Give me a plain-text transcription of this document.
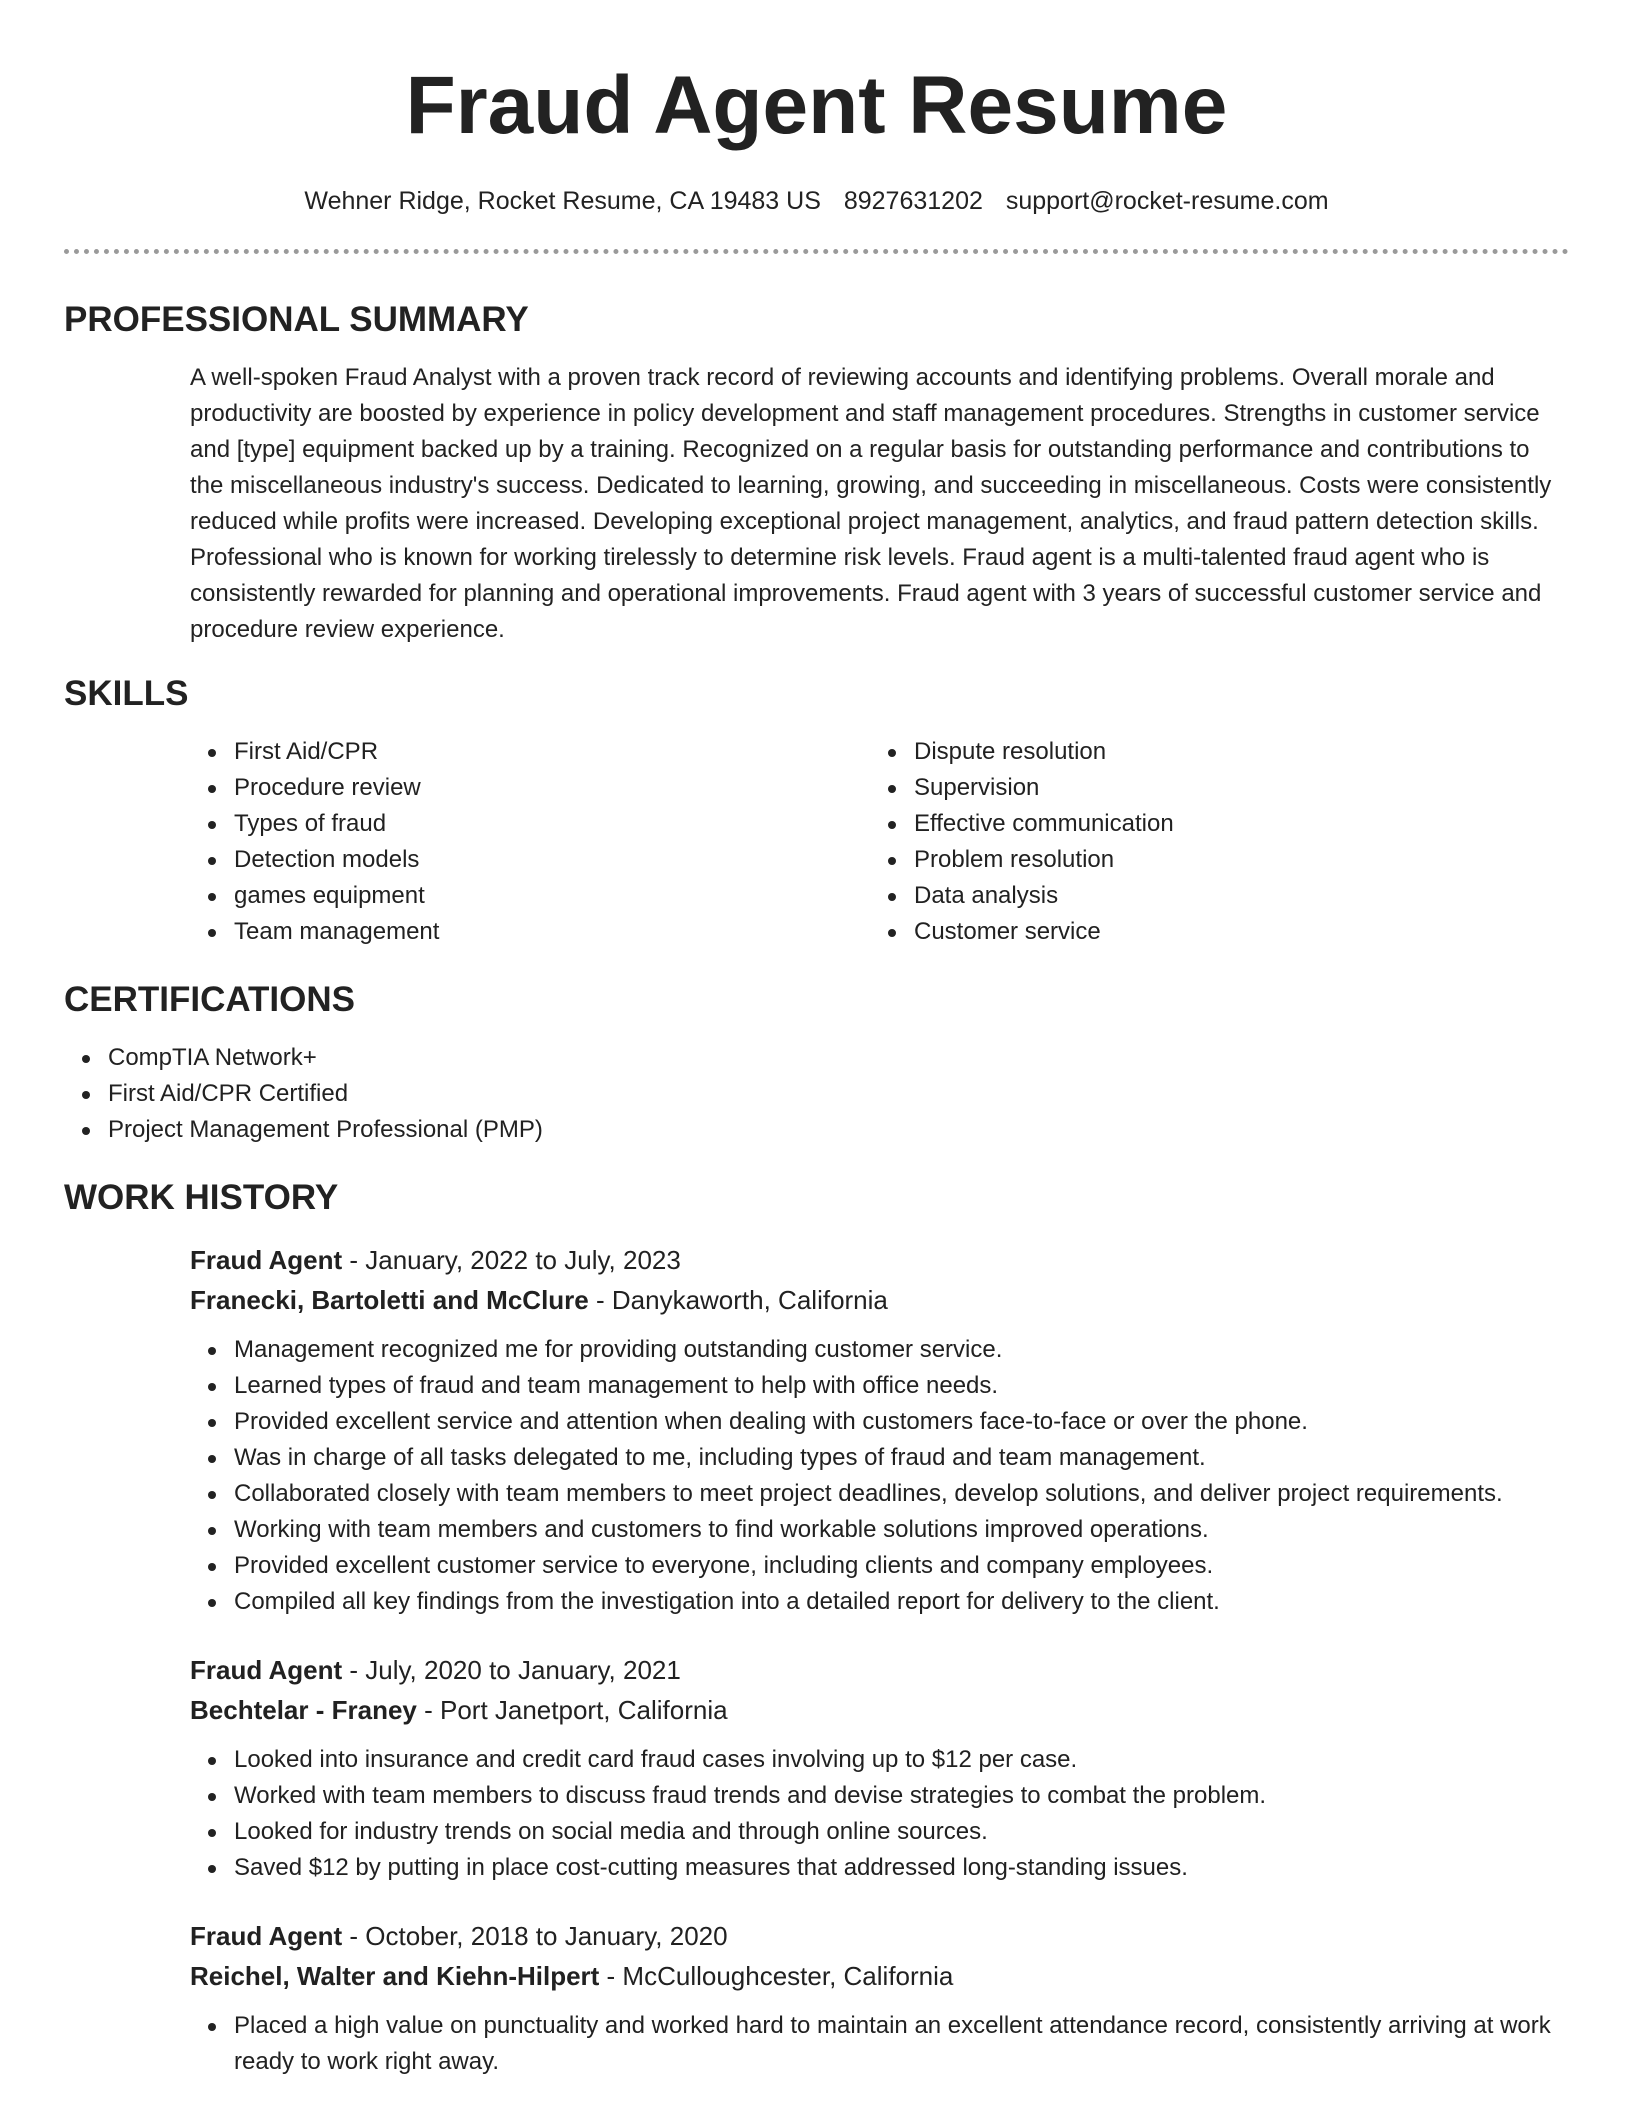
Fraud Agent Resume
Wehner Ridge, Rocket Resume, CA 19483 US 8927631202 support@rocket-resume.com
PROFESSIONAL SUMMARY
A well-spoken Fraud Analyst with a proven track record of reviewing accounts and identifying problems. Overall morale and productivity are boosted by experience in policy development and staff management procedures. Strengths in customer service and [type] equipment backed up by a training. Recognized on a regular basis for outstanding performance and contributions to the miscellaneous industry's success. Dedicated to learning, growing, and succeeding in miscellaneous. Costs were consistently reduced while profits were increased. Developing exceptional project management, analytics, and fraud pattern detection skills. Professional who is known for working tirelessly to determine risk levels. Fraud agent is a multi-talented fraud agent who is consistently rewarded for planning and operational improvements. Fraud agent with 3 years of successful customer service and procedure review experience.
SKILLS
First Aid/CPR
Procedure review
Types of fraud
Detection models
games equipment
Team management
Dispute resolution
Supervision
Effective communication
Problem resolution
Data analysis
Customer service
CERTIFICATIONS
CompTIA Network+
First Aid/CPR Certified
Project Management Professional (PMP)
WORK HISTORY
Fraud Agent - January, 2022 to July, 2023
Franecki, Bartoletti and McClure - Danykaworth, California
Management recognized me for providing outstanding customer service.
Learned types of fraud and team management to help with office needs.
Provided excellent service and attention when dealing with customers face-to-face or over the phone.
Was in charge of all tasks delegated to me, including types of fraud and team management.
Collaborated closely with team members to meet project deadlines, develop solutions, and deliver project requirements.
Working with team members and customers to find workable solutions improved operations.
Provided excellent customer service to everyone, including clients and company employees.
Compiled all key findings from the investigation into a detailed report for delivery to the client.
Fraud Agent - July, 2020 to January, 2021
Bechtelar - Franey - Port Janetport, California
Looked into insurance and credit card fraud cases involving up to $12 per case.
Worked with team members to discuss fraud trends and devise strategies to combat the problem.
Looked for industry trends on social media and through online sources.
Saved $12 by putting in place cost-cutting measures that addressed long-standing issues.
Fraud Agent - October, 2018 to January, 2020
Reichel, Walter and Kiehn-Hilpert - McCulloughcester, California
Placed a high value on punctuality and worked hard to maintain an excellent attendance record, consistently arriving at work ready to work right away.
